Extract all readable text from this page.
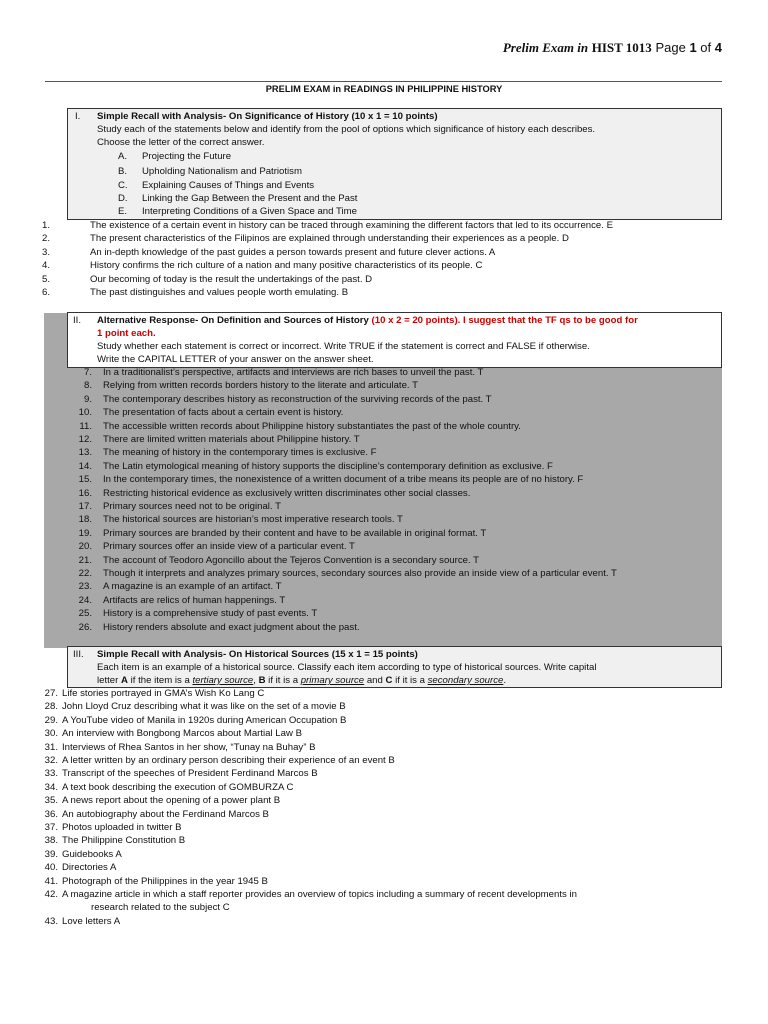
Prelim Exam in HIST 1013 Page 1 of 4
PRELIM EXAM in READINGS IN PHILIPPINE HISTORY
I. Simple Recall with Analysis- On Significance of History (10 x 1 = 10 points)
Study each of the statements below and identify from the pool of options which significance of history each describes.
Choose the letter of the correct answer.
A. Projecting the Future
B. Upholding Nationalism and Patriotism
C. Explaining Causes of Things and Events
D. Linking the Gap Between the Present and the Past
E. Interpreting Conditions of a Given Space and Time
1.	The existence of a certain event in history can be traced through examining the different factors that led to its occurrence. E
2.	The present characteristics of the Filipinos are explained through understanding their experiences as a people. D
3.	An in-depth knowledge of the past guides a person towards present and future clever actions. A
4.	History confirms the rich culture of a nation and many positive characteristics of its people. C
5.	Our becoming of today is the result the undertakings of the past. D
6.	The past distinguishes and values people worth emulating. B
II. Alternative Response- On Definition and Sources of History (10 x 2 = 20 points). I suggest that the TF qs to be good for
1 point each.
Study whether each statement is correct or incorrect. Write TRUE if the statement is correct and FALSE if otherwise.
Write the CAPITAL LETTER of your answer on the answer sheet.
7. In a traditionalist’s perspective, artifacts and interviews are rich bases to unveil the past. T
8. Relying from written records borders history to the literate and articulate. T
9. The contemporary describes history as reconstruction of the surviving records of the past. T
10. The presentation of facts about a certain event is history.
11. The accessible written records about Philippine history substantiates the past of the whole country.
12. There are limited written materials about Philippine history. T
13. The meaning of history in the contemporary times is exclusive. F
14. The Latin etymological meaning of history supports the discipline’s contemporary definition as exclusive. F
15. In the contemporary times, the nonexistence of a written document of a tribe means its people are of no history. F
16. Restricting historical evidence as exclusively written discriminates other social classes.
17. Primary sources need not to be original. T
18. The historical sources are historian’s most imperative research tools. T
19. Primary sources are branded by their content and have to be available in original format. T
20. Primary sources offer an inside view of a particular event. T
21. The account of Teodoro Agoncillo about the Tejeros Convention is a secondary source. T
22. Though it interprets and analyzes primary sources, secondary sources also provide an inside view of a particular event. T
23. A magazine is an example of an artifact. T
24. Artifacts are relics of human happenings. T
25. History is a comprehensive study of past events. T
26. History renders absolute and exact judgment about the past.
III. Simple Recall with Analysis- On Historical Sources (15 x 1 = 15 points)
Each item is an example of a historical source. Classify each item according to type of historical sources. Write capital
letter A if the item is a tertiary source, B if it is a primary source and C if it is a secondary source.
27. Life stories portrayed in GMA’s Wish Ko Lang C
28. John Lloyd Cruz describing what it was like on the set of a movie B
29. A YouTube video of Manila in 1920s during American Occupation B
30. An interview with Bongbong Marcos about Martial Law B
31. Interviews of Rhea Santos in her show, “Tunay na Buhay” B
32. A letter written by an ordinary person describing their experience of an event B
33. Transcript of the speeches of President Ferdinand Marcos B
34. A text book describing the execution of GOMBURZA C
35. A news report about the opening of a power plant B
36. An autobiography about the Ferdinand Marcos B
37. Photos uploaded in twitter B
38. The Philippine Constitution B
39. Guidebooks A
40. Directories A
41. Photograph of the Philippines in the year 1945 B
42. A magazine article in which a staff reporter provides an overview of topics including a summary of recent developments in
research related to the subject C
43. Love letters A
